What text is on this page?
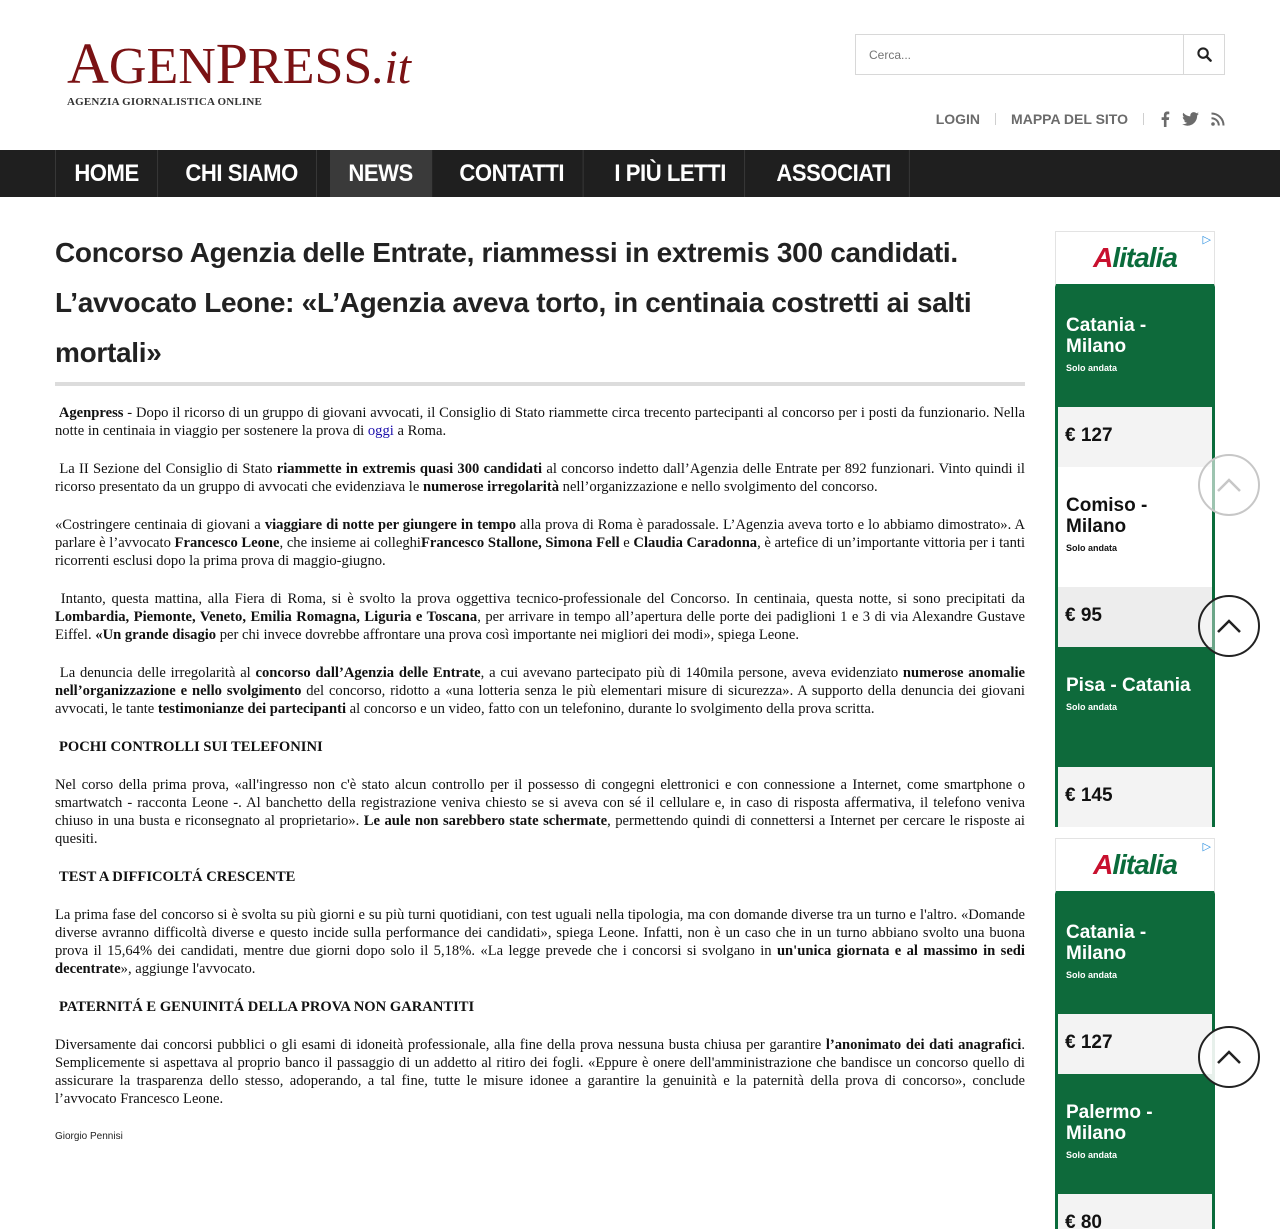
AGENPRESS.it
AGENZIA GIORNALISTICA ONLINE
Cerca...
LOGIN MAPPA DEL SITO
HOME	CHI SIAMO	NEWS	CONTATTI	I PIÙ LETTI	ASSOCIATI
Concorso Agenzia delle Entrate, riammessi in extremis 300 candidati. L’avvocato Leone: «L’Agenzia aveva torto, in centinaia costretti ai salti mortali»

Agenpress - Dopo il ricorso di un gruppo di giovani avvocati, il Consiglio di Stato riammette circa trecento partecipanti al concorso per i posti da funzionario. Nella notte in centinaia in viaggio per sostenere la prova di oggi a Roma.

La II Sezione del Consiglio di Stato riammette in extremis quasi 300 candidati al concorso indetto dall’Agenzia delle Entrate per 892 funzionari. Vinto quindi il ricorso presentato da un gruppo di avvocati che evidenziava le numerose irregolarità nell’organizzazione e nello svolgimento del concorso.

«Costringere centinaia di giovani a viaggiare di notte per giungere in tempo alla prova di Roma è paradossale. L’Agenzia aveva torto e lo abbiamo dimostrato». A parlare è l’avvocato Francesco Leone, che insieme ai colleghiFrancesco Stallone, Simona Fell e Claudia Caradonna, è artefice di un’importante vittoria per i tanti ricorrenti esclusi dopo la prima prova di maggio-giugno.

Intanto, questa mattina, alla Fiera di Roma, si è svolto la prova oggettiva tecnico-professionale del Concorso. In centinaia, questa notte, si sono precipitati da Lombardia, Piemonte, Veneto, Emilia Romagna, Liguria e Toscana, per arrivare in tempo all’apertura delle porte dei padiglioni 1 e 3 di via Alexandre Gustave Eiffel. «Un grande disagio per chi invece dovrebbe affrontare una prova così importante nei migliori dei modi», spiega Leone.

La denuncia delle irregolarità al concorso dall’Agenzia delle Entrate, a cui avevano partecipato più di 140mila persone, aveva evidenziato numerose anomalie nell’organizzazione e nello svolgimento del concorso, ridotto a «una lotteria senza le più elementari misure di sicurezza». A supporto della denuncia dei giovani avvocati, le tante testimonianze dei partecipanti al concorso e un video, fatto con un telefonino, durante lo svolgimento della prova scritta.

POCHI CONTROLLI SUI TELEFONINI

Nel corso della prima prova, «all'ingresso non c'è stato alcun controllo per il possesso di congegni elettronici e con connessione a Internet, come smartphone o smartwatch - racconta Leone -. Al banchetto della registrazione veniva chiesto se si aveva con sé il cellulare e, in caso di risposta affermativa, il telefono veniva chiuso in una busta e riconsegnato al proprietario». Le aule non sarebbero state schermate, permettendo quindi di connettersi a Internet per cercare le risposte ai quesiti.

TEST A DIFFICOLTÁ CRESCENTE

La prima fase del concorso si è svolta su più giorni e su più turni quotidiani, con test uguali nella tipologia, ma con domande diverse tra un turno e l'altro. «Domande diverse avranno difficoltà diverse e questo incide sulla performance dei candidati», spiega Leone. Infatti, non è un caso che in un turno abbiano svolto una buona prova il 15,64% dei candidati, mentre due giorni dopo solo il 5,18%. «La legge prevede che i concorsi si svolgano in un'unica giornata e al massimo in sedi decentrate», aggiunge l'avvocato.

PATERNITÁ E GENUINITÁ DELLA PROVA NON GARANTITI

Diversamente dai concorsi pubblici o gli esami di idoneità professionale, alla fine della prova nessuna busta chiusa per garantire l’anonimato dei dati anagrafici. Semplicemente si aspettava al proprio banco il passaggio di un addetto al ritiro dei fogli. «Eppure è onere dell'amministrazione che bandisce un concorso quello di assicurare la trasparenza dello stesso, adoperando, a tal fine, tutte le misure idonee a garantire la genuinità e la paternità della prova di concorso», conclude l’avvocato Francesco Leone.

Giorgio Pennisi
Alitalia
▷
Catania - Milano
Solo andata
€ 127
Comiso - Milano
Solo andata
€ 95
Pisa - Catania
Solo andata
€ 145
Alitalia
▷
Catania - Milano
Solo andata
€ 127
Palermo - Milano
Solo andata
€ 80
